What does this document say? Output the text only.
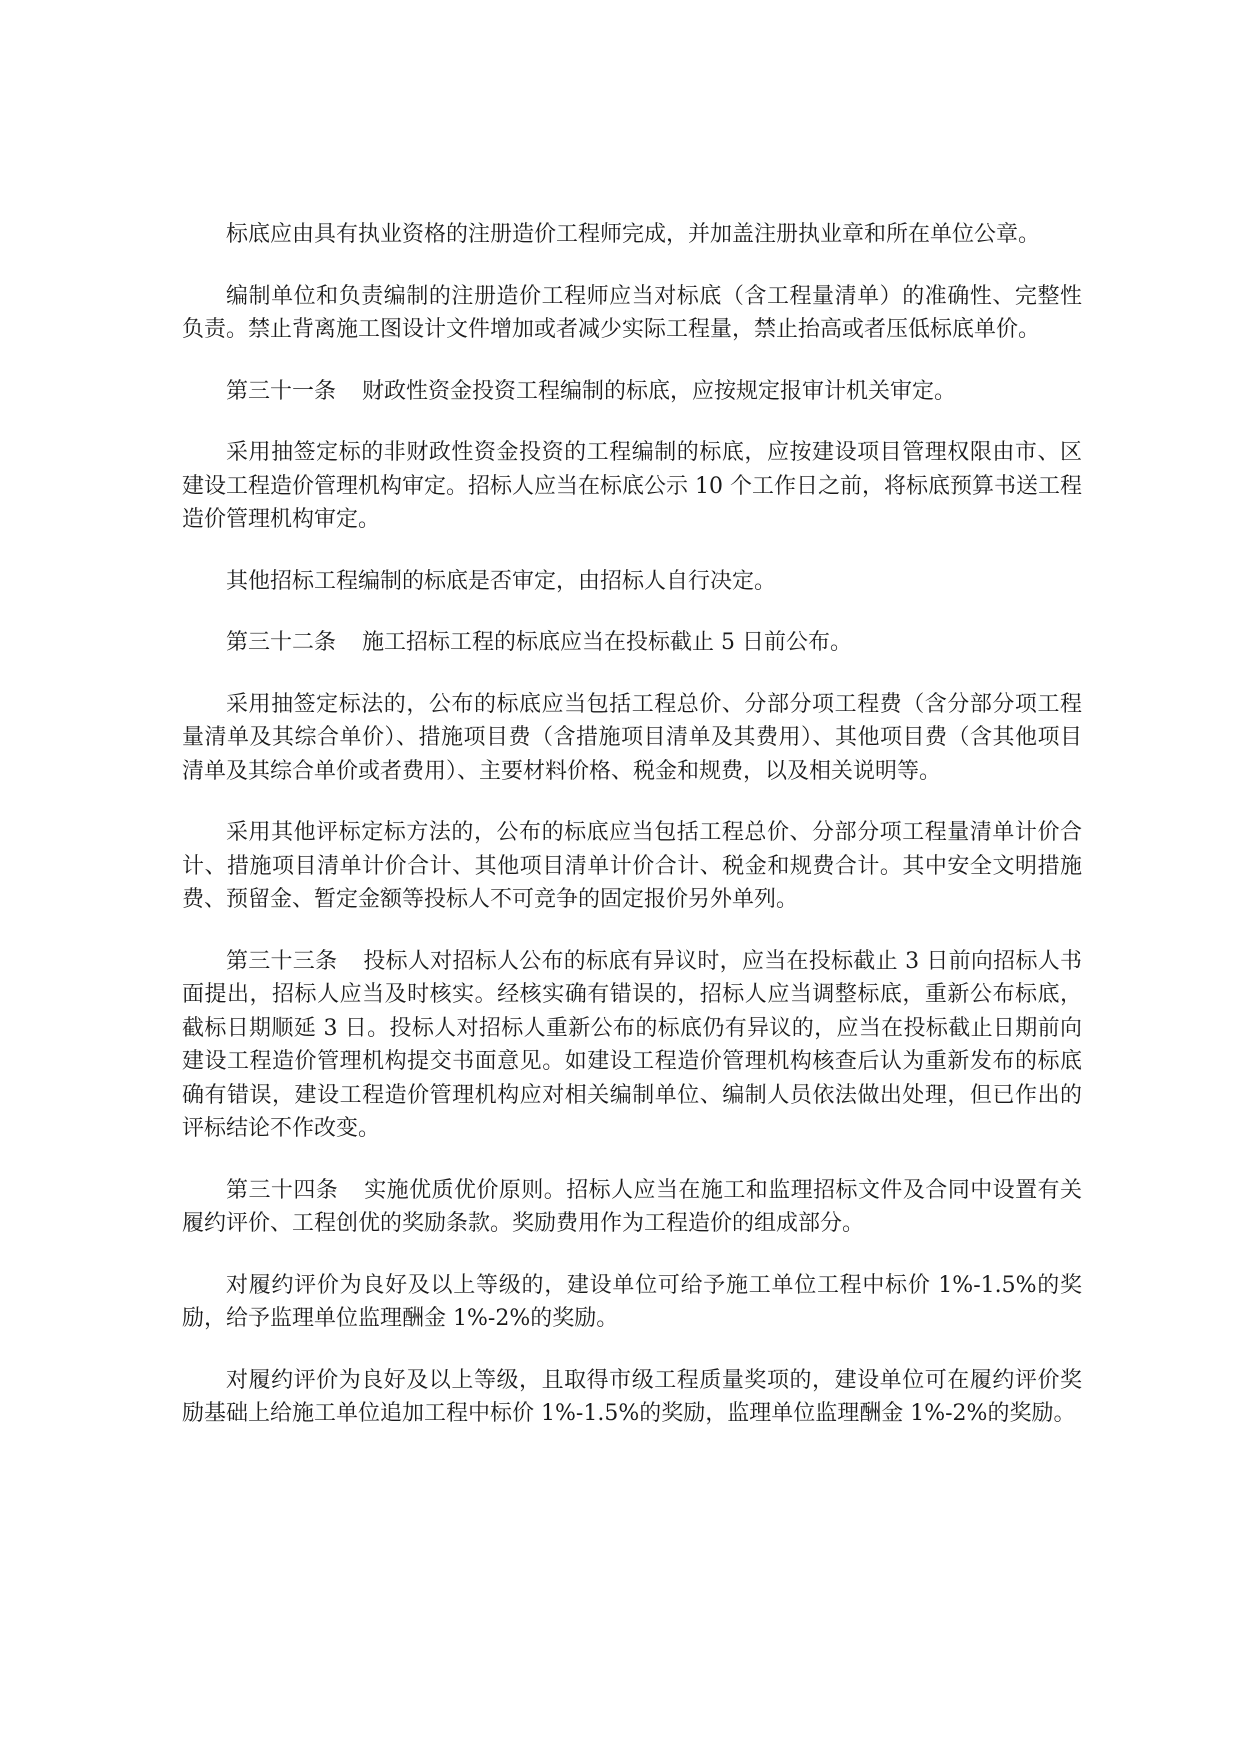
标底应由具有执业资格的注册造价工程师完成，并加盖注册执业章和所在单位公章。

编制单位和负责编制的注册造价工程师应当对标底（含工程量清单）的准确性、完整性负责。禁止背离施工图设计文件增加或者减少实际工程量，禁止抬高或者压低标底单价。

第三十一条 财政性资金投资工程编制的标底，应按规定报审计机关审定。

采用抽签定标的非财政性资金投资的工程编制的标底，应按建设项目管理权限由市、区建设工程造价管理机构审定。招标人应当在标底公示 10 个工作日之前，将标底预算书送工程造价管理机构审定。

其他招标工程编制的标底是否审定，由招标人自行决定。

第三十二条 施工招标工程的标底应当在投标截止 5 日前公布。

采用抽签定标法的，公布的标底应当包括工程总价、分部分项工程费（含分部分项工程量清单及其综合单价）、措施项目费（含措施项目清单及其费用）、其他项目费（含其他项目清单及其综合单价或者费用）、主要材料价格、税金和规费，以及相关说明等。

采用其他评标定标方法的，公布的标底应当包括工程总价、分部分项工程量清单计价合计、措施项目清单计价合计、其他项目清单计价合计、税金和规费合计。其中安全文明措施费、预留金、暂定金额等投标人不可竞争的固定报价另外单列。

第三十三条 投标人对招标人公布的标底有异议时，应当在投标截止 3 日前向招标人书面提出，招标人应当及时核实。经核实确有错误的，招标人应当调整标底，重新公布标底，截标日期顺延 3 日。投标人对招标人重新公布的标底仍有异议的，应当在投标截止日期前向建设工程造价管理机构提交书面意见。如建设工程造价管理机构核查后认为重新发布的标底确有错误，建设工程造价管理机构应对相关编制单位、编制人员依法做出处理，但已作出的评标结论不作改变。

第三十四条 实施优质优价原则。招标人应当在施工和监理招标文件及合同中设置有关履约评价、工程创优的奖励条款。奖励费用作为工程造价的组成部分。

对履约评价为良好及以上等级的，建设单位可给予施工单位工程中标价 1%-1.5%的奖励，给予监理单位监理酬金 1%-2%的奖励。

对履约评价为良好及以上等级，且取得市级工程质量奖项的，建设单位可在履约评价奖励基础上给施工单位追加工程中标价 1%-1.5%的奖励，监理单位监理酬金 1%-2%的奖励。
